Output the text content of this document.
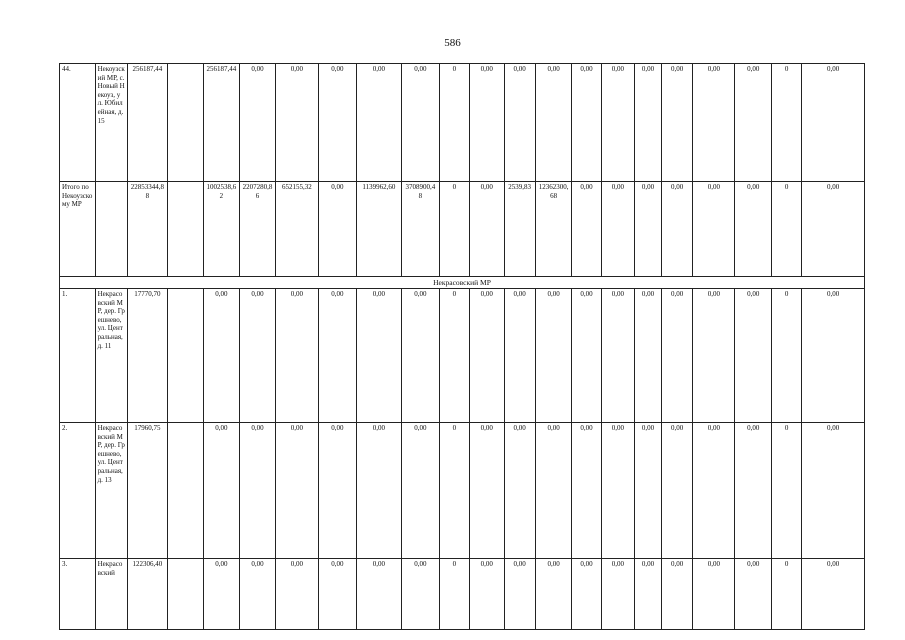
586
44.	Некоузский МР, с. Новый Некоуз, ул. Юбилейная, д. 15	256187,44		256187,44	0,00	0,00	0,00	0,00	0,00	0	0,00	0,00	0,00	0,00	0,00	0,00	0,00	0,00	0,00	0	0,00	
Итого по Некоузскому МР		22853344,88		1002538,62	2207280,86	652155,32	0,00	1139962,60	3708900,48	0	0,00	2539,83	12362300,68	0,00	0,00	0,00	0,00	0,00	0,00	0	0,00	
Некрасовский МР																						
1.	Некрасовский МР, дер. Грешнево, ул. Центральная, д. 11	17770,70		0,00	0,00	0,00	0,00	0,00	0,00	0	0,00	0,00	0,00	0,00	0,00	0,00	0,00	0,00	0,00	0	0,00	
2.	Некрасовский МР, дер. Грешнево, ул. Центральная, д. 13	17960,75		0,00	0,00	0,00	0,00	0,00	0,00	0	0,00	0,00	0,00	0,00	0,00	0,00	0,00	0,00	0,00	0	0,00	
3.	Некрасовский	122306,40		0,00	0,00	0,00	0,00	0,00	0,00	0	0,00	0,00	0,00	0,00	0,00	0,00	0,00	0,00	0,00	0	0,00	
